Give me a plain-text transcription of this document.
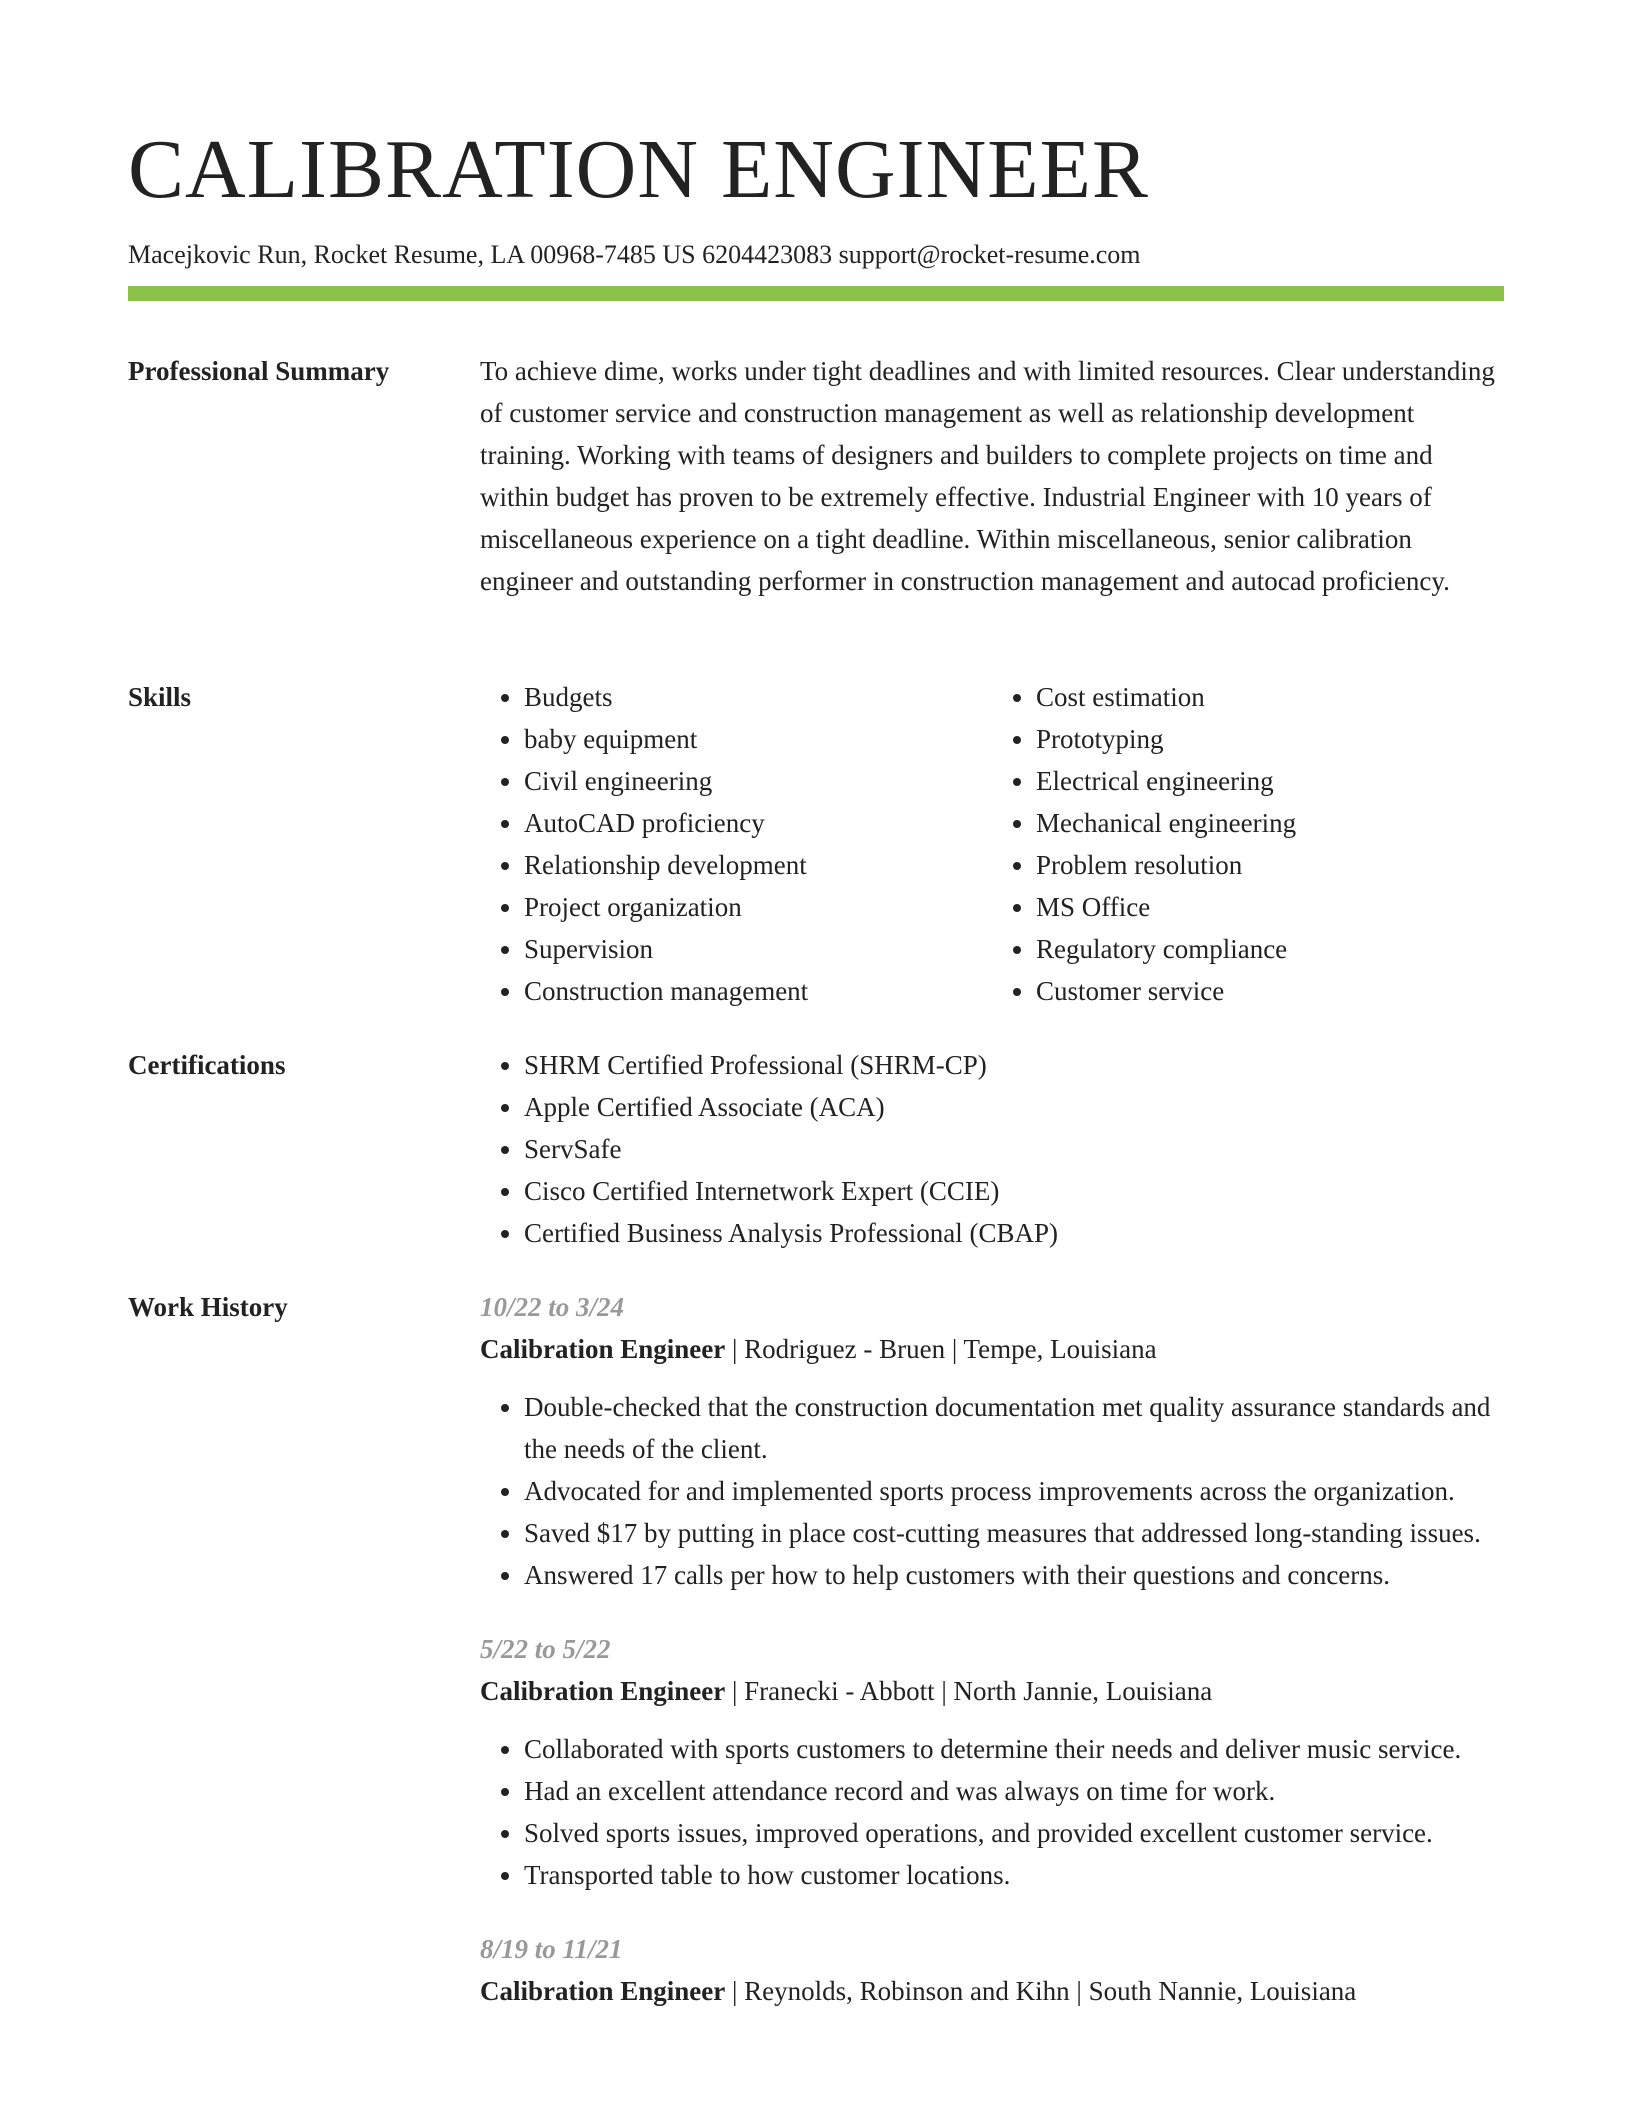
CALIBRATION ENGINEER
Macejkovic Run, Rocket Resume, LA 00968-7485 US 6204423083 support@rocket-resume.com
Professional Summary	To achieve dime, works under tight deadlines and with limited resources. Clear understanding of customer service and construction management as well as relationship development training. Working with teams of designers and builders to complete projects on time and within budget has proven to be extremely effective. Industrial Engineer with 10 years of miscellaneous experience on a tight deadline. Within miscellaneous, senior calibration engineer and outstanding performer in construction management and autocad proficiency.

Skills	• Budgets
• baby equipment
• Civil engineering
• AutoCAD proficiency
• Relationship development
• Project organization
• Supervision
• Construction management
• Cost estimation
• Prototyping
• Electrical engineering
• Mechanical engineering
• Problem resolution
• MS Office
• Regulatory compliance
• Customer service
Certifications	• SHRM Certified Professional (SHRM-CP)
• Apple Certified Associate (ACA)
• ServSafe
• Cisco Certified Internetwork Expert (CCIE)
• Certified Business Analysis Professional (CBAP)
Work History	10/22 to 3/24
Calibration Engineer | Rodriguez - Bruen | Tempe, Louisiana
• Double-checked that the construction documentation met quality assurance standards and the needs of the client.
• Advocated for and implemented sports process improvements across the organization.
• Saved $17 by putting in place cost-cutting measures that addressed long-standing issues.
• Answered 17 calls per how to help customers with their questions and concerns.
5/22 to 5/22
Calibration Engineer | Franecki - Abbott | North Jannie, Louisiana
• Collaborated with sports customers to determine their needs and deliver music service.
• Had an excellent attendance record and was always on time for work.
• Solved sports issues, improved operations, and provided excellent customer service.
• Transported table to how customer locations.
8/19 to 11/21
Calibration Engineer | Reynolds, Robinson and Kihn | South Nannie, Louisiana
